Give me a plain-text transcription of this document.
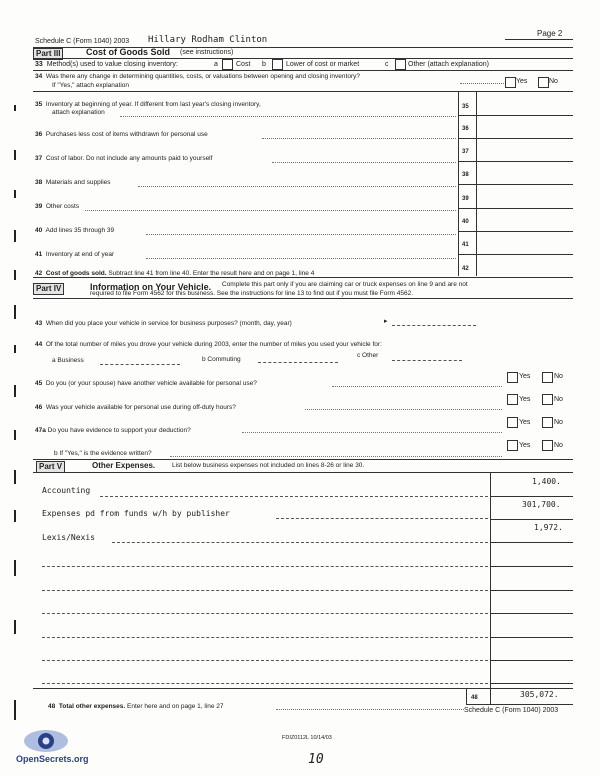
Page 2
Schedule C (Form 1040) 2003 Hillary Rodham Clinton
Part III	Cost of Goods Sold (see instructions)
33 Method(s) used to value closing inventory:	a	Cost b	Lower of cost or market	c	Other (attach explanation)
34 Was there any change in determining quantities, costs, or valuations between opening and closing inventory?
If "Yes," attach explanation
Yes	No
35 Inventory at beginning of year. If different from last year's closing inventory,
attach explanation
35
36 Purchases less cost of items withdrawn for personal use
36
37 Cost of labor. Do not include any amounts paid to yourself
37
38 Materials and supplies
38
39 Other costs
39
40 Add lines 35 through 39
40
41 Inventory at end of year
41
42 Cost of goods sold. Subtract line 41 from line 40. Enter the result here and on page 1, line 4
42
Part IV	Information on Your Vehicle. Complete this part only if you are claiming car or truck expenses on line 9 and are not
required to file Form 4562 for this business. See the instructions for line 13 to find out if you must file Form 4562.
43 When did you place your vehicle in service for business purposes? (month, day, year)	▸
44 Of the total number of miles you drove your vehicle during 2003, enter the number of miles you used your vehicle for:
a Business	b Commuting
c Other
45 Do you (or your spouse) have another vehicle available for personal use?
Yes	No
46 Was your vehicle available for personal use during off-duty hours?
Yes	No
47a Do you have evidence to support your deduction?
Yes	No
b If "Yes," is the evidence written?
Yes	No
Part V	Other Expenses.	List below business expenses not included on lines 8-26 or line 30.
Accounting
1,400.
Expenses pd from funds w/h by publisher
301,700.
Lexis/Nexis
1,972.
48 Total other expenses. Enter here and on page 1, line 27
48	305,072.
Schedule C (Form 1040) 2003
FDIZ0112L 10/14/03
10
OpenSecrets.org
